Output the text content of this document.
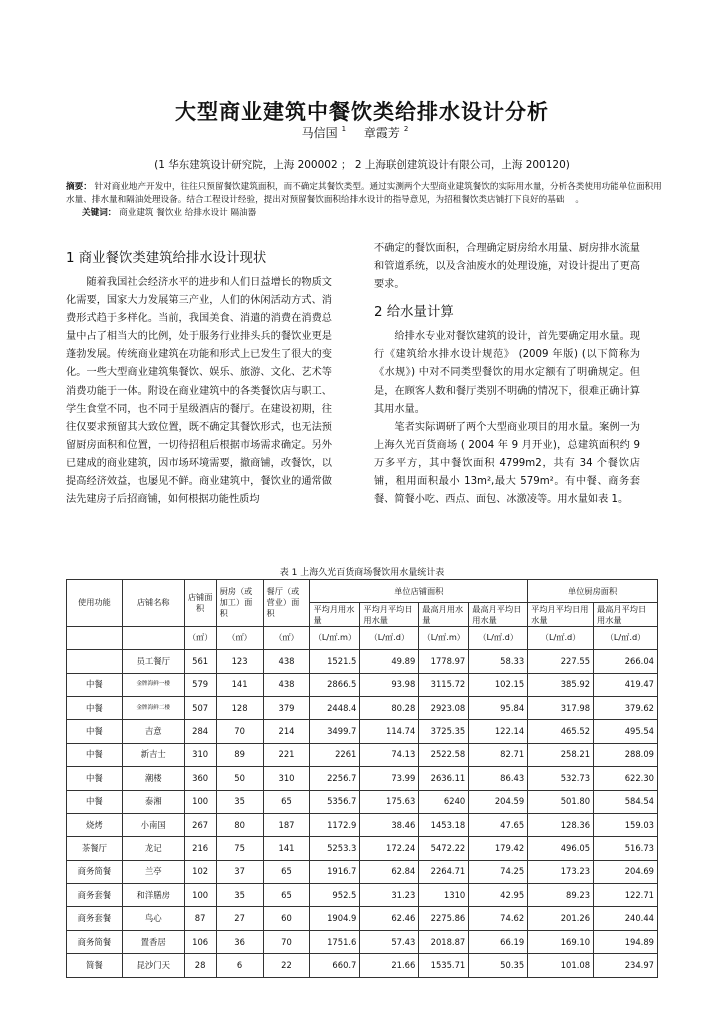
大型商业建筑中餐饮类给排水设计分析
马信国 $^1$ 章霞芳 $^2$
(1 华东建筑设计研究院，上海 200002 ； 2 上海联创建筑设计有限公司，上海 200120)

摘要： 针对商业地产开发中，往往只预留餐饮建筑面积，而不确定其餐饮类型。通过实测两个大型商业建筑餐饮的实际用水量，分析各类使用功能单位面积用水量、排水量和隔油处理设备。结合工程设计经验，提出对预留餐饮面积给排水设计的指导意见，为招租餐饮类店铺打下良好的基础 。

关键词： 商业建筑 餐饮业 给排水设计 隔油器

1 商业餐饮类建筑给排水设计现状

随着我国社会经济水平的进步和人们日益增长的物质文化需要，国家大力发展第三产业，人们的休闲活动方式、消费形式趋于多样化。当前，我国美食、消遣的消费在消费总量中占了相当大的比例，处于服务行业排头兵的餐饮业更是蓬勃发展。传统商业建筑在功能和形式上已发生了很大的变化。一些大型商业建筑集餐饮、娱乐、旅游、文化、艺术等消费功能于一体。附设在商业建筑中的各类餐饮店与职工、学生食堂不同，也不同于星级酒店的餐厅。在建设初期，往往仅要求预留其大致位置，既不确定其餐饮形式，也无法预留厨房面积和位置，一切待招租后根据市场需求确定。另外已建成的商业建筑，因市场环境需要，撤商铺，改餐饮，以提高经济效益，也屡见不鲜。商业建筑中，餐饮业的通常做法先建房子后招商铺，如何根据功能性质均

不确定的餐饮面积，合理确定厨房给水用量、厨房排水流量和管道系统，以及含油废水的处理设施，对设计提出了更高要求。

2 给水量计算

给排水专业对餐饮建筑的设计，首先要确定用水量。现行《建筑给水排水设计规范》 (2009 年版) (以下简称为 《水规》) 中对不同类型餐饮的用水定额有了明确规定。但是，在顾客人数和餐厅类别不明确的情况下，很难正确计算其用水量。

笔者实际调研了两个大型商业项目的用水量。案例一为上海久光百货商场 ( 2004 年 9 月开业)，总建筑面积约 9 万多平方，其中餐饮面积 4799m2，共有 34 个餐饮店铺，租用面积最小 13m²,最大 579m²。有中餐、商务套餐、简餐小吃、西点、面包、冰激凌等。用水量如表 1。

表 1 上海久光百货商场餐饮用水量统计表
使用功能	店铺名称	店铺面积	厨房（或加工）面积	餐厅（或营业）面积	单位店铺面积				单位厨房面积	
					平均月用水量	平均月平均日用水量	最高月用水量	最高月平均日用水量	平均月平均日用水量	最高月平均日用水量

		（㎡）	（㎡）	（㎡）	（L/㎡.m）	（L/㎡.d）	（L/㎡.m）	（L/㎡.d）	（L/㎡.d）	（L/㎡.d）
	员工餐厅	561	123	438	1521.5	49.89	1778.97	58.33	227.55	266.04
中餐	金牌海鲜一楼	579	141	438	2866.5	93.98	3115.72	102.15	385.92	419.47
中餐	金牌海鲜二楼	507	128	379	2448.4	80.28	2923.08	95.84	317.98	379.62
中餐	吉意	284	70	214	3499.7	114.74	3725.35	122.14	465.52	495.54
中餐	新吉士	310	89	221	2261	74.13	2522.58	82.71	258.21	288.09
中餐	潮楼	360	50	310	2256.7	73.99	2636.11	86.43	532.73	622.30
中餐	泰湘	100	35	65	5356.7	175.63	6240	204.59	501.80	584.54
烧烤	小南国	267	80	187	1172.9	38.46	1453.18	47.65	128.36	159.03
茶餐厅	龙记	216	75	141	5253.3	172.24	5472.22	179.42	496.05	516.73
商务简餐	兰亭	102	37	65	1916.7	62.84	2264.71	74.25	173.23	204.69
商务套餐	和洋膳房	100	35	65	952.5	31.23	1310	42.95	89.23	122.71
商务套餐	鸟心	87	27	60	1904.9	62.46	2275.86	74.62	201.26	240.44
商务简餐	置香居	106	36	70	1751.6	57.43	2018.87	66.19	169.10	194.89
简餐	昆沙门天	28	6	22	660.7	21.66	1535.71	50.35	101.08	234.97
